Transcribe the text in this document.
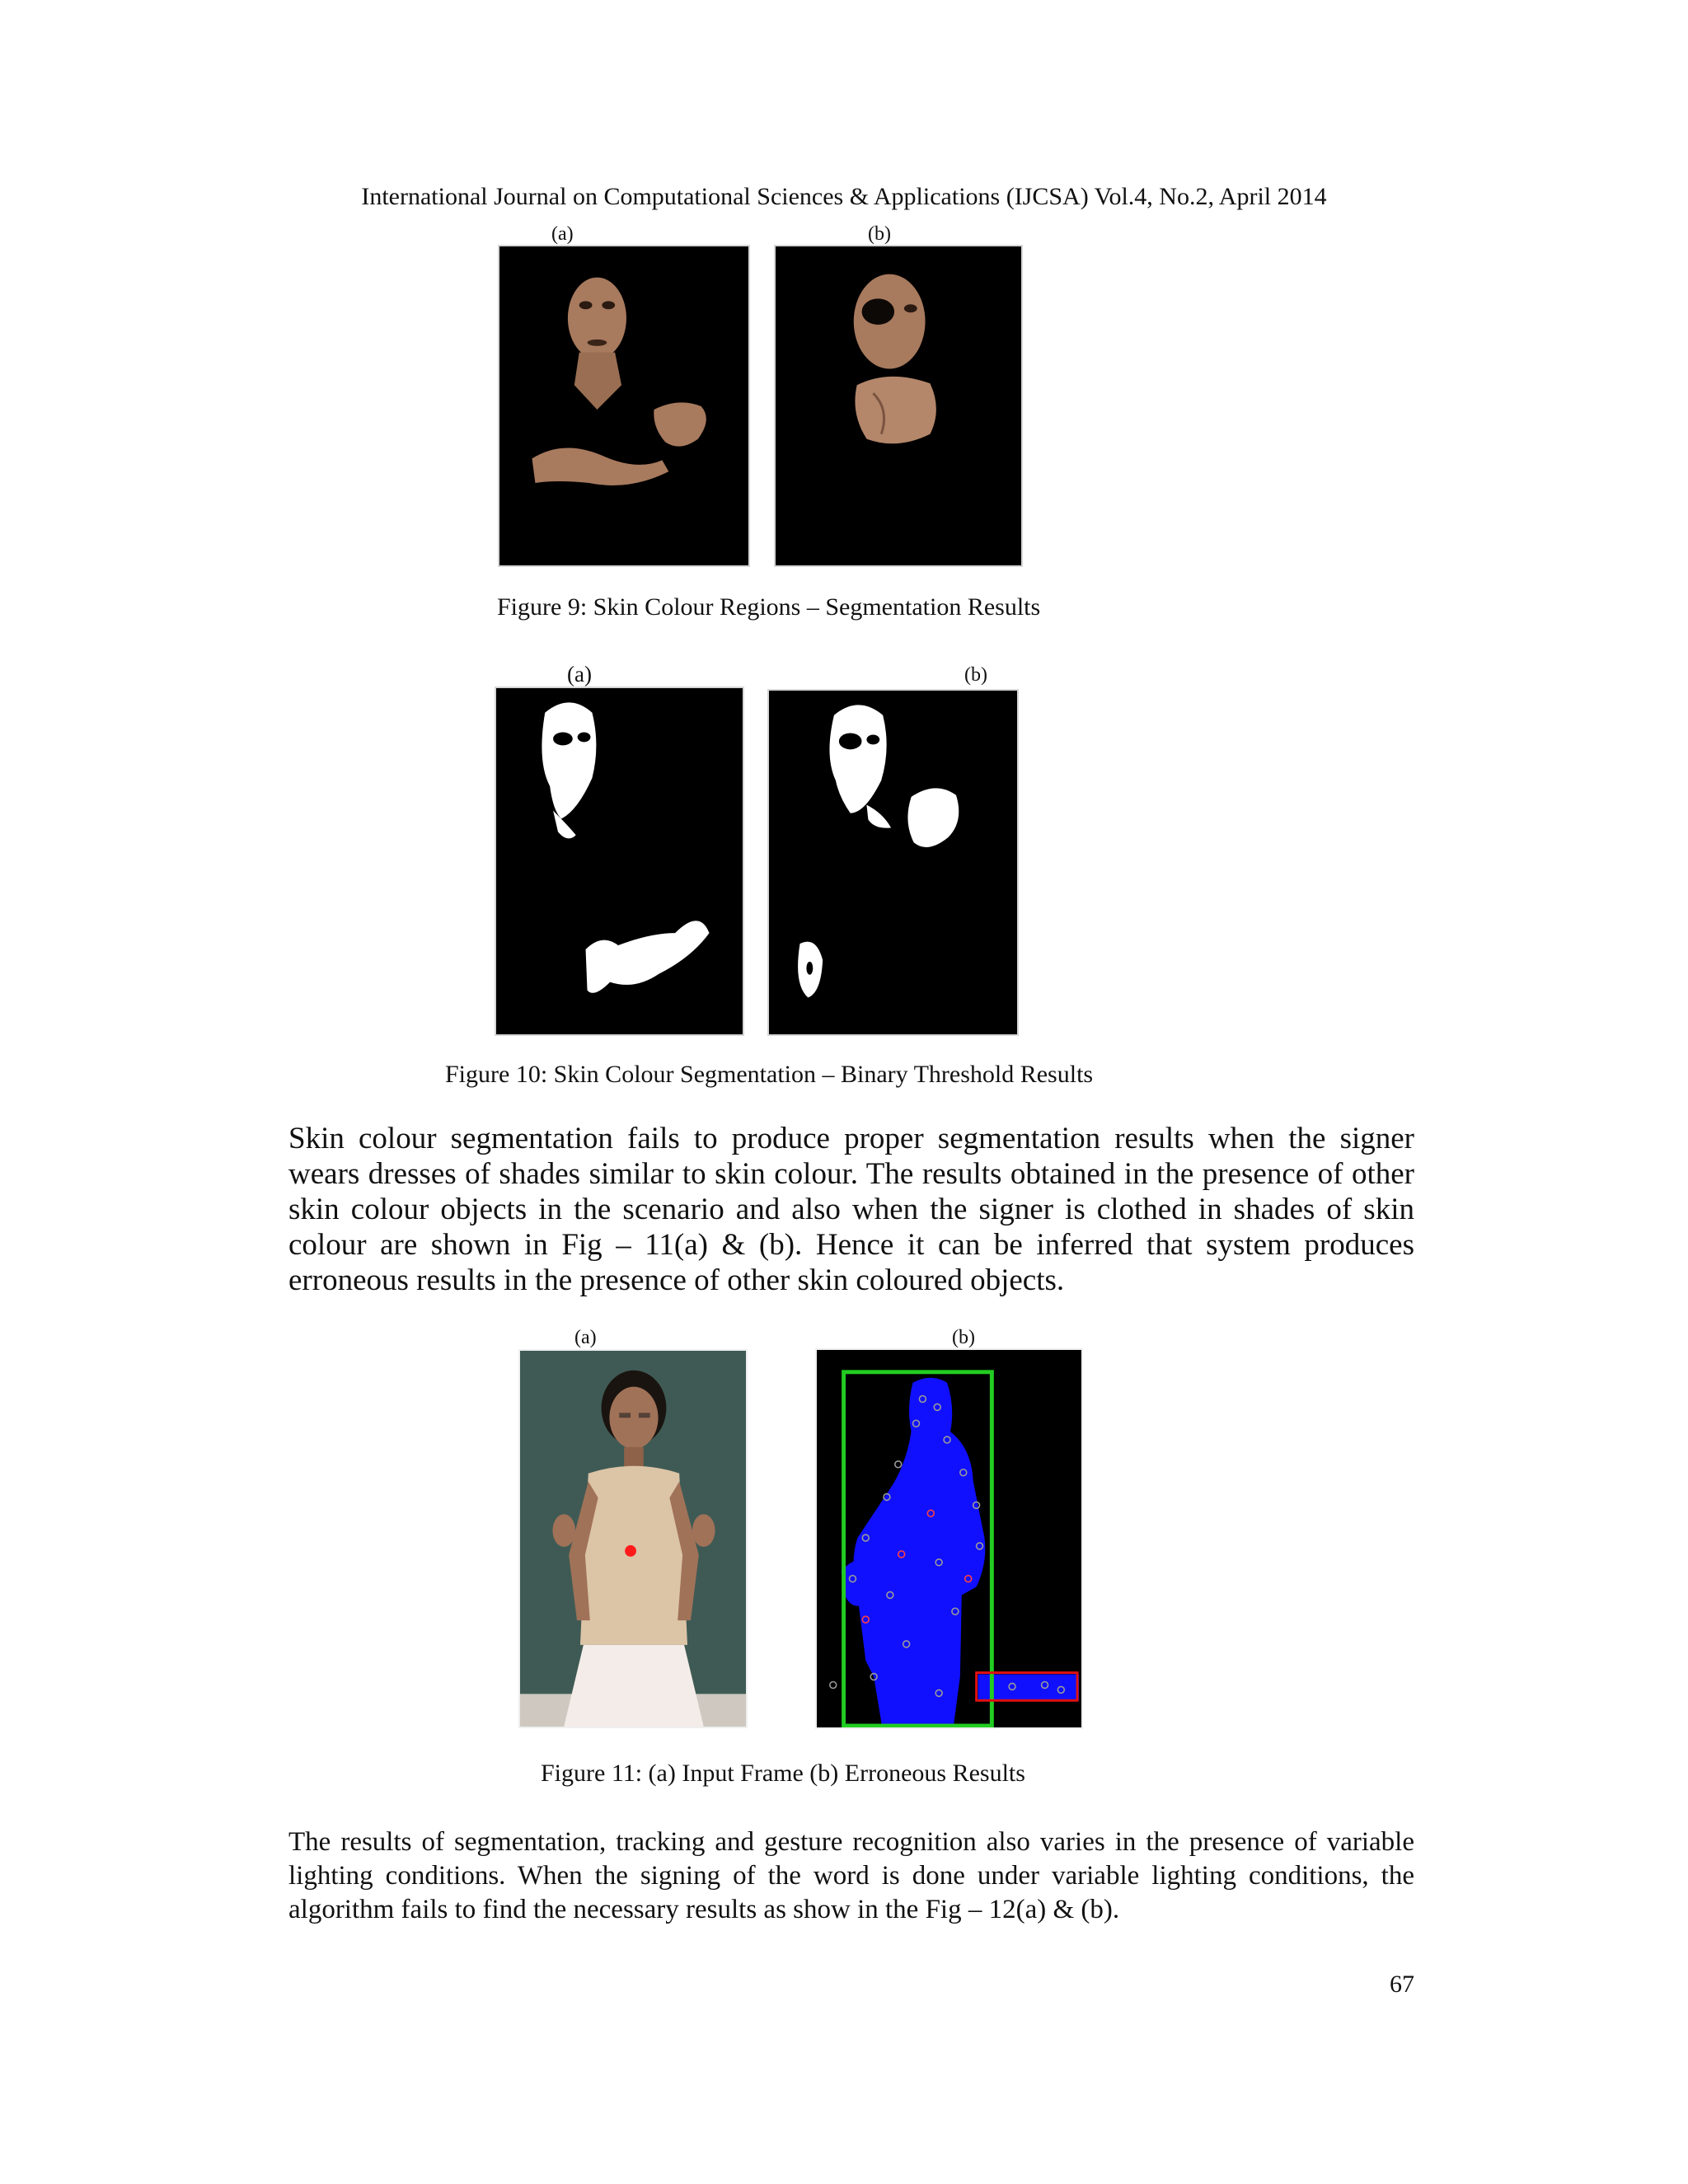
International Journal on Computational Sciences & Applications (IJCSA) Vol.4, No.2, April 2014
(a)	(b)
Figure 9: Skin Colour Regions – Segmentation Results
(a)	(b)
Figure 10: Skin Colour Segmentation – Binary Threshold Results
Skin colour segmentation fails to produce proper segmentation results when the signer wears dresses of shades similar to skin colour. The results obtained in the presence of other skin colour objects in the scenario and also when the signer is clothed in shades of skin colour are shown in Fig – 11(a) & (b). Hence it can be inferred that system produces erroneous results in the presence of other skin coloured objects.
(a)	(b)
Figure 11: (a) Input Frame (b) Erroneous Results
The results of segmentation, tracking and gesture recognition also varies in the presence of variable lighting conditions. When the signing of the word is done under variable lighting conditions, the algorithm fails to find the necessary results as show in the Fig – 12(a) & (b).
67
